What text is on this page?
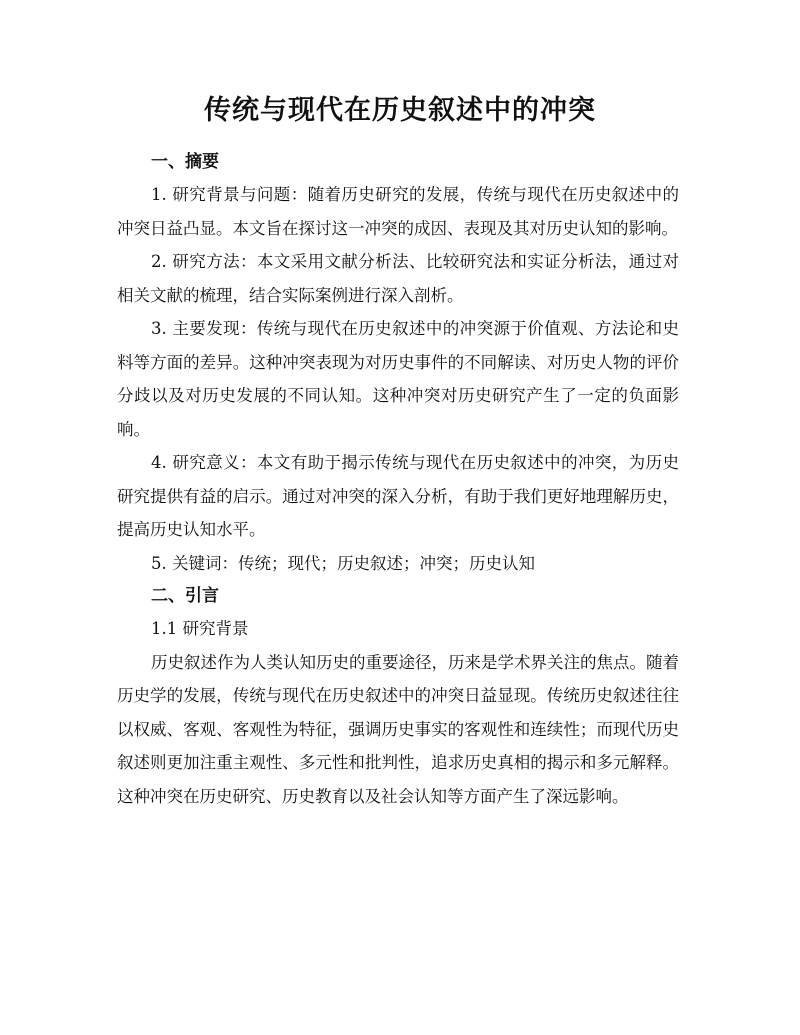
传统与现代在历史叙述中的冲突

一、摘要

1. 研究背景与问题：随着历史研究的发展，传统与现代在历史叙述中的冲突日益凸显。本文旨在探讨这一冲突的成因、表现及其对历史认知的影响。

2. 研究方法：本文采用文献分析法、比较研究法和实证分析法，通过对相关文献的梳理，结合实际案例进行深入剖析。

3. 主要发现：传统与现代在历史叙述中的冲突源于价值观、方法论和史料等方面的差异。这种冲突表现为对历史事件的不同解读、对历史人物的评价分歧以及对历史发展的不同认知。这种冲突对历史研究产生了一定的负面影响。

4. 研究意义：本文有助于揭示传统与现代在历史叙述中的冲突，为历史研究提供有益的启示。通过对冲突的深入分析，有助于我们更好地理解历史，提高历史认知水平。

5. 关键词：传统；现代；历史叙述；冲突；历史认知

二、引言

1.1 研究背景

历史叙述作为人类认知历史的重要途径，历来是学术界关注的焦点。随着历史学的发展，传统与现代在历史叙述中的冲突日益显现。传统历史叙述往往以权威、客观、客观性为特征，强调历史事实的客观性和连续性；而现代历史叙述则更加注重主观性、多元性和批判性，追求历史真相的揭示和多元解释。这种冲突在历史研究、历史教育以及社会认知等方面产生了深远影响。
